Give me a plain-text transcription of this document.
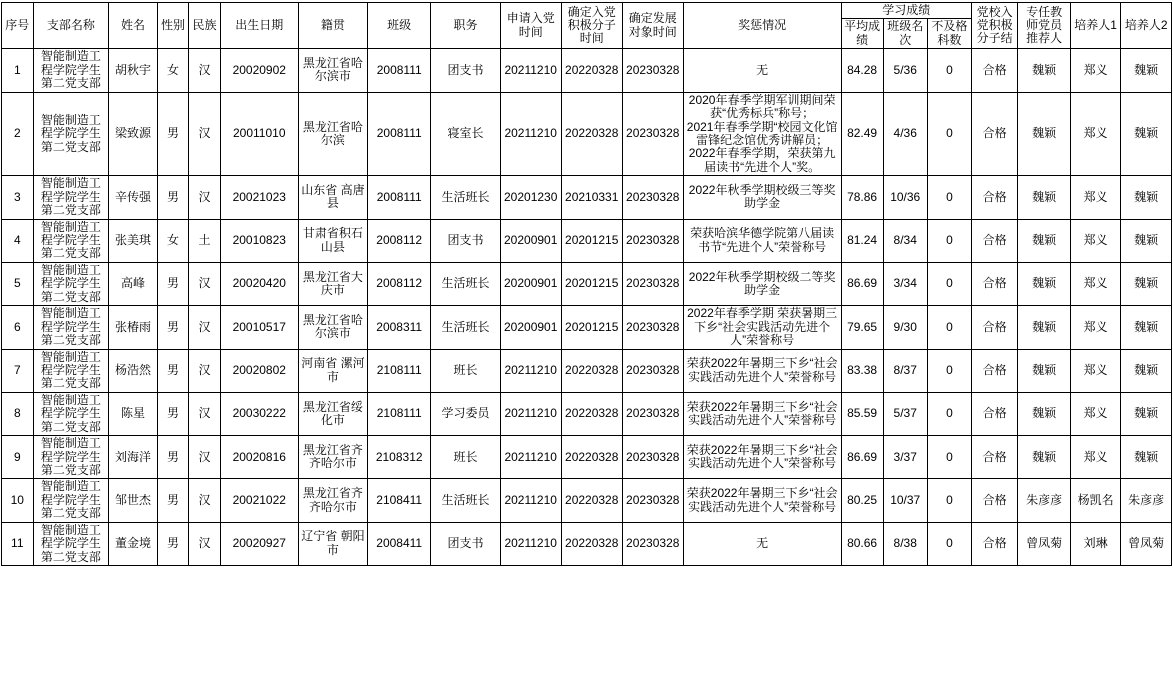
序号	支部名称	姓名	性别	民族	出生日期	籍贯	班级	职务	申请入党时间	确定入党积极分子时间	确定发展对象时间	奖惩情况	学习成绩			党校入党积极分子结	专任教师党员推荐人	培养人1	培养人2
													平均成绩	班级名次	不及格科数				
1	智能制造工程学院学生第二党支部	胡秋宇	女	汉	20020902	黑龙江省哈尔滨市	2008111	团支书	20211210	20220328	20230328	无	84.28	5/36	0	合格	魏颖	郑义	魏颖
2	智能制造工程学院学生第二党支部	梁致源	男	汉	20011010	黑龙江省哈尔滨	2008111	寝室长	20211210	20220328	20230328	2020年春季学期军训期间荣获“优秀标兵”称号；
2021年春季学期“校园文化馆雷锋纪念馆优秀讲解员；
2022年春季学期，荣获第九届读书“先进个人”奖。	82.49	4/36	0	合格	魏颖	郑义	魏颖
3	智能制造工程学院学生第二党支部	辛传强	男	汉	20021023	山东省 高唐县	2008111	生活班长	20201230	20210331	20230328	2022年秋季学期校级三等奖助学金	78.86	10/36	0	合格	魏颖	郑义	魏颖
4	智能制造工程学院学生第二党支部	张美琪	女	土	20010823	甘肃省积石山县	2008112	团支书	20200901	20201215	20230328	荣获哈滨华德学院第八届读书节“先进个人”荣誉称号	81.24	8/34	0	合格	魏颖	郑义	魏颖
5	智能制造工程学院学生第二党支部	高峰	男	汉	20020420	黑龙江省大庆市	2008112	生活班长	20200901	20201215	20230328	2022年秋季学期校级二等奖助学金	86.69	3/34	0	合格	魏颖	郑义	魏颖
6	智能制造工程学院学生第二党支部	张椿雨	男	汉	20010517	黑龙江省哈尔滨市	2008311	生活班长	20200901	20201215	20230328	2022年春季学期 荣获暑期三下乡“社会实践活动先进个人”荣誉称号	79.65	9/30	0	合格	魏颖	郑义	魏颖
7	智能制造工程学院学生第二党支部	杨浩然	男	汉	20020802	河南省 漯河市	2108111	班长	20211210	20220328	20230328	荣获2022年暑期三下乡“社会实践活动先进个人”荣誉称号	83.38	8/37	0	合格	魏颖	郑义	魏颖
8	智能制造工程学院学生第二党支部	陈星	男	汉	20030222	黑龙江省绥化市	2108111	学习委员	20211210	20220328	20230328	荣获2022年暑期三下乡“社会实践活动先进个人”荣誉称号	85.59	5/37	0	合格	魏颖	郑义	魏颖
9	智能制造工程学院学生第二党支部	刘海洋	男	汉	20020816	黑龙江省齐齐哈尔市	2108312	班长	20211210	20220328	20230328	荣获2022年暑期三下乡“社会实践活动先进个人”荣誉称号	86.69	3/37	0	合格	魏颖	郑义	魏颖
10	智能制造工程学院学生第二党支部	邹世杰	男	汉	20021022	黑龙江省齐齐哈尔市	2108411	生活班长	20211210	20220328	20230328	荣获2022年暑期三下乡“社会实践活动先进个人”荣誉称号	80.25	10/37	0	合格	朱彦彦	杨凯名	朱彦彦
11	智能制造工程学院学生第二党支部	董金境	男	汉	20020927	辽宁省 朝阳市	2008411	团支书	20211210	20220328	20230328	无	80.66	8/38	0	合格	曾凤菊	刘琳	曾凤菊
